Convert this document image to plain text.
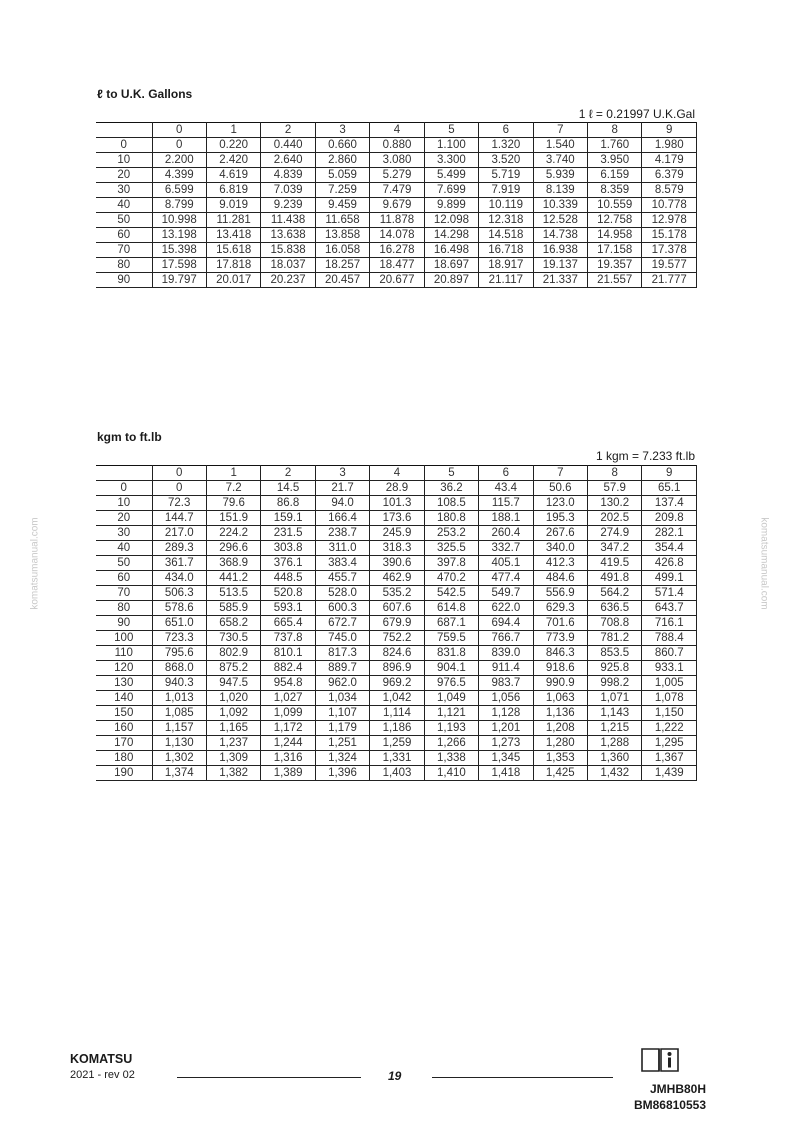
ℓ to U.K. Gallons
1 ℓ = 0.21997 U.K.Gal
	0	1	2	3	4	5	6	7	8	9
0	0	0.220	0.440	0.660	0.880	1.100	1.320	1.540	1.760	1.980
10	2.200	2.420	2.640	2.860	3.080	3.300	3.520	3.740	3.950	4.179
20	4.399	4.619	4.839	5.059	5.279	5.499	5.719	5.939	6.159	6.379
30	6.599	6.819	7.039	7.259	7.479	7.699	7.919	8.139	8.359	8.579
40	8.799	9.019	9.239	9.459	9.679	9.899	10.119	10.339	10.559	10.778
50	10.998	11.281	11.438	11.658	11.878	12.098	12.318	12.528	12.758	12.978
60	13.198	13.418	13.638	13.858	14.078	14.298	14.518	14.738	14.958	15.178
70	15.398	15.618	15.838	16.058	16.278	16.498	16.718	16.938	17.158	17.378
80	17.598	17.818	18.037	18.257	18.477	18.697	18.917	19.137	19.357	19.577
90	19.797	20.017	20.237	20.457	20.677	20.897	21.117	21.337	21.557	21.777
kgm to ft.lb
1 kgm = 7.233 ft.lb
	0	1	2	3	4	5	6	7	8	9
0	0	7.2	14.5	21.7	28.9	36.2	43.4	50.6	57.9	65.1
10	72.3	79.6	86.8	94.0	101.3	108.5	115.7	123.0	130.2	137.4
20	144.7	151.9	159.1	166.4	173.6	180.8	188.1	195.3	202.5	209.8
30	217.0	224.2	231.5	238.7	245.9	253.2	260.4	267.6	274.9	282.1
40	289.3	296.6	303.8	311.0	318.3	325.5	332.7	340.0	347.2	354.4
50	361.7	368.9	376.1	383.4	390.6	397.8	405.1	412.3	419.5	426.8
60	434.0	441.2	448.5	455.7	462.9	470.2	477.4	484.6	491.8	499.1
70	506.3	513.5	520.8	528.0	535.2	542.5	549.7	556.9	564.2	571.4
80	578.6	585.9	593.1	600.3	607.6	614.8	622.0	629.3	636.5	643.7
90	651.0	658.2	665.4	672.7	679.9	687.1	694.4	701.6	708.8	716.1
100	723.3	730.5	737.8	745.0	752.2	759.5	766.7	773.9	781.2	788.4
110	795.6	802.9	810.1	817.3	824.6	831.8	839.0	846.3	853.5	860.7
120	868.0	875.2	882.4	889.7	896.9	904.1	911.4	918.6	925.8	933.1
130	940.3	947.5	954.8	962.0	969.2	976.5	983.7	990.9	998.2	1,005
140	1,013	1,020	1,027	1,034	1,042	1,049	1,056	1,063	1,071	1,078
150	1,085	1,092	1,099	1,107	1,114	1,121	1,128	1,136	1,143	1,150
160	1,157	1,165	1,172	1,179	1,186	1,193	1,201	1,208	1,215	1,222
170	1,130	1,237	1,244	1,251	1,259	1,266	1,273	1,280	1,288	1,295
180	1,302	1,309	1,316	1,324	1,331	1,338	1,345	1,353	1,360	1,367
190	1,374	1,382	1,389	1,396	1,403	1,410	1,418	1,425	1,432	1,439
komatsumanual.com	komatsumanual.com
KOMATSU
2021 - rev 02	19
JMHB80H
BM86810553
